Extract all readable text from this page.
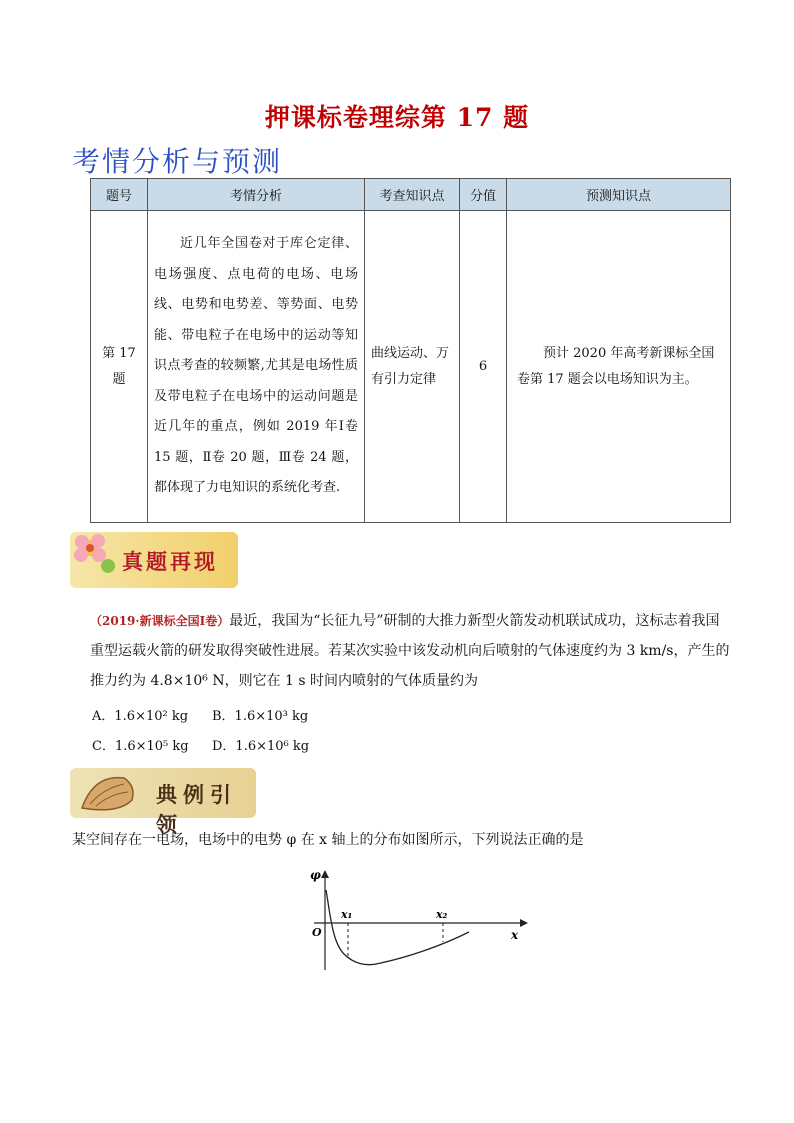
押课标卷理综第 17 题
考情分析与预测
题号	考情分析	考查知识点	分值	预测知识点
第 17 题	近几年全国卷对于库仑定律、电场强度、点电荷的电场、电场线、电势和电势差、等势面、电势能、带电粒子在电场中的运动等知识点考查的较频繁,尤其是电场性质及带电粒子在电场中的运动问题是近几年的重点，例如 2019 年Ⅰ卷 15 题，Ⅱ卷 20 题，Ⅲ卷 24 题，都体现了力电知识的系统化考查.	曲线运动、万有引力定律	6	预计 2020 年高考新课标全国卷第 17 题会以电场知识为主。
真题再现
（2019·新课标全国Ⅰ卷）最近，我国为“长征九号”研制的大推力新型火箭发动机联试成功，这标志着我国重型运载火箭的研发取得突破性进展。若某次实验中该发动机向后喷射的气体速度约为 3 km/s，产生的推力约为 4.8×10⁶ N，则它在 1 s 时间内喷射的气体质量约为
A．1.6×10² kg B．1.6×10³ kg
C．1.6×10⁵ kg D．1.6×10⁶ kg
典例引领
某空间存在一电场，电场中的电势 φ 在 x 轴上的分布如图所示，下列说法正确的是
φ
x
O
x₁	x₂
